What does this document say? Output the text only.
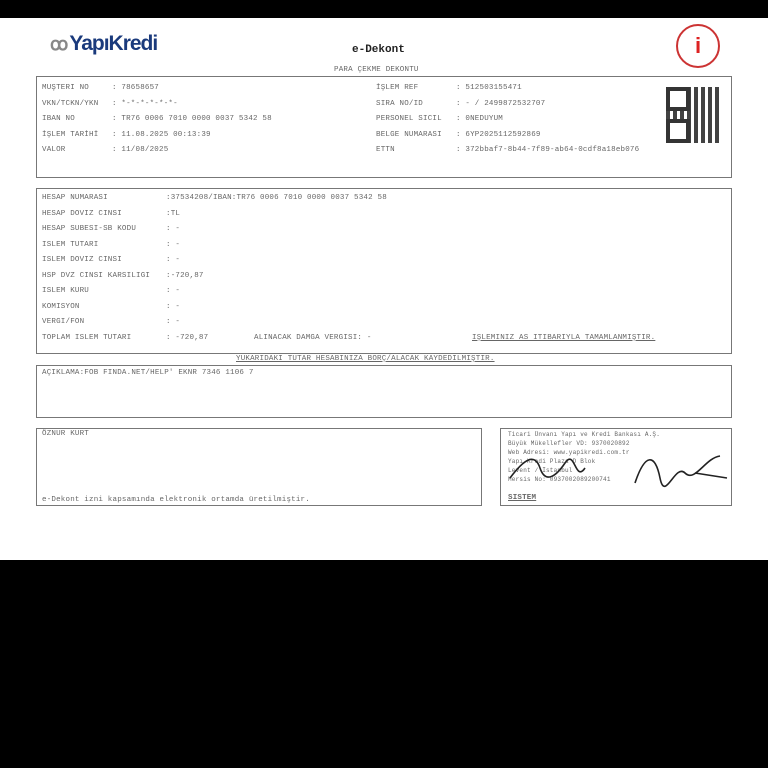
ꝏYapıKredi	e-Dekont
PARA ÇEKME DEKONTU
i
MUŞTERI NO	: 78658657
VKN/TCKN/YKN : *-*-*-*-*-*-
IBAN NO	: TR76 0006 7010 0000 0037 5342 58
İŞLEM TARİHİ : 11.08.2025 00:13:39
VALOR	: 11/08/2025
İŞLEM REF	: 512503155471
SIRA NO/ID	: - / 2499872532707
PERSONEL SICIL : 0NEDUYUM
BELGE NUMARASI : 6YP2025112592869
ETTN	: 372bbaf7-8b44-7f89-ab64-0cdf8a18eb076
HESAP NUMARASI	:37534208/IBAN:TR76 0006 7010 0000 0037 5342 58
HESAP DOVIZ CINSI	:TL
HESAP SUBESI-SB KODU	: -
ISLEM TUTARI	: -
ISLEM DOVIZ CINSI	: -
HSP DVZ CINSI KARSILIGI :-720,87
ISLEM KURU	: -
KOMISYON	: -
VERGI/FON	: -
TOPLAM ISLEM TUTARI	: -720,87	ALINACAK DAMGA VERGISI: -	IŞLEMINIZ AS ITIBARIYLA TAMAMLANMIŞTIR.
YUKARIDAKI TUTAR HESABINIZA BORÇ/ALACAK KAYDEDILMIŞTIR.
AÇIKLAMA:FOB FINDA.NET/HELP' EKNR 7346 1106 7
ÖZNUR KURT
e-Dekont izni kapsamında elektronik ortamda üretilmiştir.
Ticari Ünvanı Yapı ve Kredi Bankası A.Ş.
Büyük Mükellefler VD: 9370020892
Web Adresi: www.yapikredi.com.tr
Yapı Kredi Plaza D Blok
Levent / İstanbul
Mersis No: 0937002089200741
SISTEM
